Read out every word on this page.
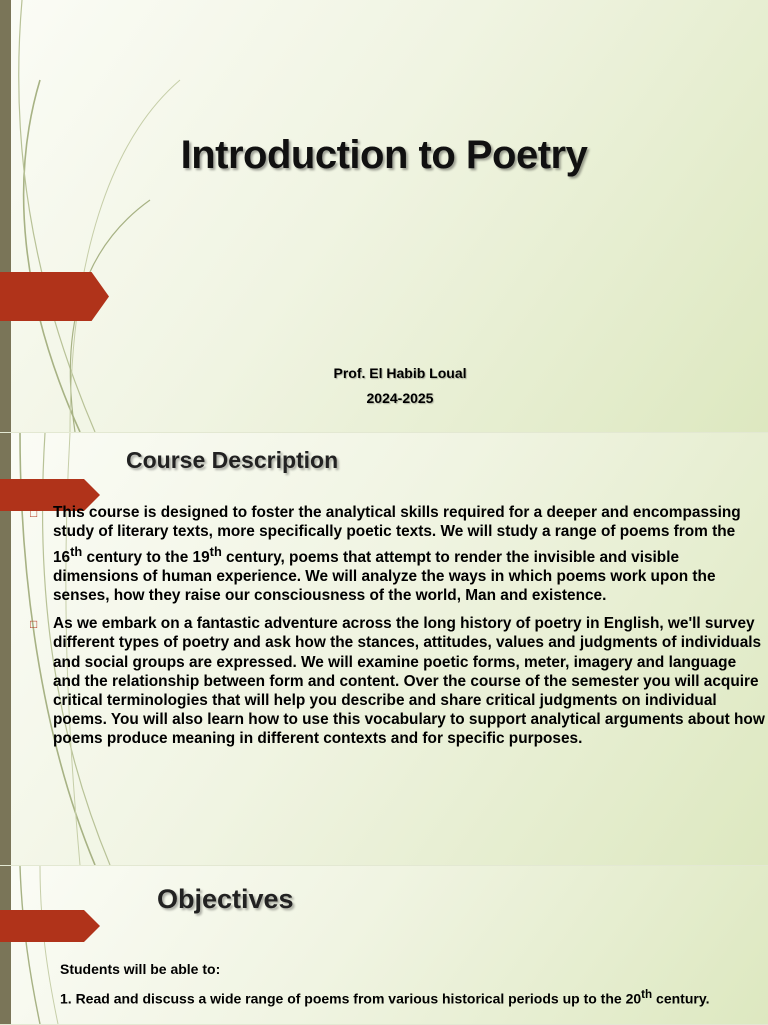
Introduction to Poetry
Prof. El Habib Loual
2024-2025
Course Description
□ This course is designed to foster the analytical skills required for a deeper and encompassing study of literary texts, more specifically poetic texts. We will study a range of poems from the 16th century to the 19th century, poems that attempt to render the invisible and visible dimensions of human experience. We will analyze the ways in which poems work upon the senses, how they raise our consciousness of the world, Man and existence.
□ As we embark on a fantastic adventure across the long history of poetry in English, we'll survey different types of poetry and ask how the stances, attitudes, values and judgments of individuals and social groups are expressed. We will examine poetic forms, meter, imagery and language and the relationship between form and content. Over the course of the semester you will acquire critical terminologies that will help you describe and share critical judgments on individual poems. You will also learn how to use this vocabulary to support analytical arguments about how poems produce meaning in different contexts and for specific purposes.
Objectives
Students will be able to:
1. Read and discuss a wide range of poems from various historical periods up to the 20th century.
